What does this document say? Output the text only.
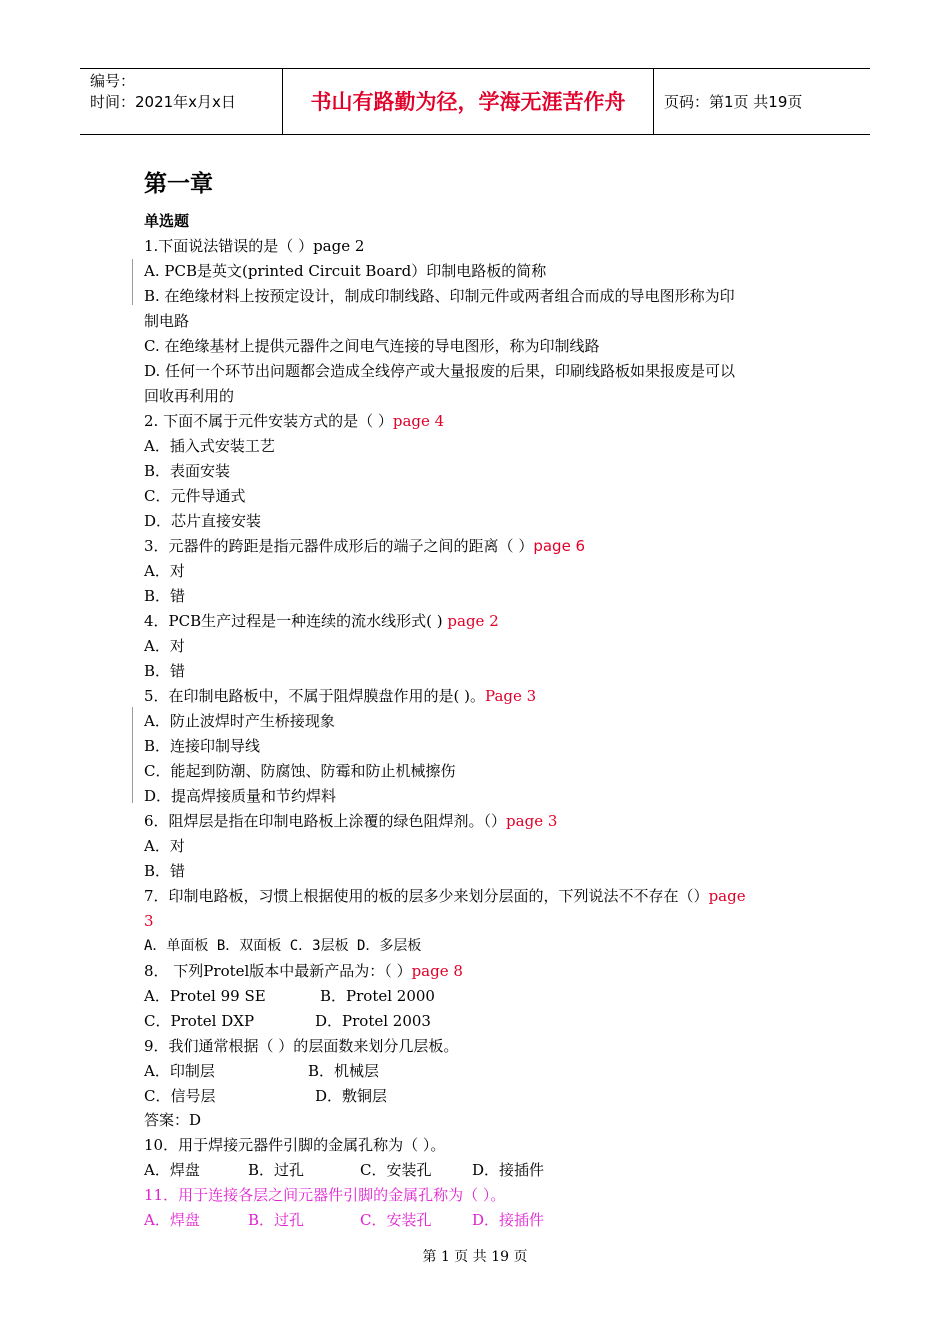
编号：
时间：2021年x月x日	书山有路勤为径，学海无涯苦作舟	页码：第1页 共19页
第一章
单选题
1.下面说法错误的是（ ）page 2
A. PCB是英文(printed Circuit Board）印制电路板的简称
B. 在绝缘材料上按预定设计，制成印制线路、印制元件或两者组合而成的导电图形称为印
制电路
C. 在绝缘基材上提供元器件之间电气连接的导电图形，称为印制线路
D. 任何一个环节出问题都会造成全线停产或大量报废的后果，印刷线路板如果报废是可以
回收再利用的
2. 下面不属于元件安装方式的是（ ）page 4
A．插入式安装工艺
B．表面安装
C．元件导通式
D．芯片直接安装
3．元器件的跨距是指元器件成形后的端子之间的距离（ ）page 6
A．对
B．错
4．PCB生产过程是一种连续的流水线形式( ) page 2
A．对
B．错
5．在印制电路板中，不属于阻焊膜盘作用的是( )。Page 3
A．防止波焊时产生桥接现象
B．连接印制导线
C．能起到防潮、防腐蚀、防霉和防止机械擦伤
D．提高焊接质量和节约焊料
6．阻焊层是指在印制电路板上涂覆的绿色阻焊剂。（）page 3
A．对
B．错
7．印制电路板，习惯上根据使用的板的层多少来划分层面的，下列说法不不存在（）page
3
A．单面板 B．双面板 C．3层板 D．多层板
8． 下列Protel版本中最新产品为：（ ）page 8
A．Protel 99 SE	B．Protel 2000
C．Protel DXP	D．Protel 2003
9．我们通常根据（ ）的层面数来划分几层板。
A．印制层	B．机械层
C．信号层	D．敷铜层
答案：D
10．用于焊接元器件引脚的金属孔称为（ ）。
A．焊盘	B．过孔	C．安装孔	D．接插件
11．用于连接各层之间元器件引脚的金属孔称为（ ）。
A．焊盘	B．过孔	C．安装孔	D．接插件
第 1 页 共 19 页
